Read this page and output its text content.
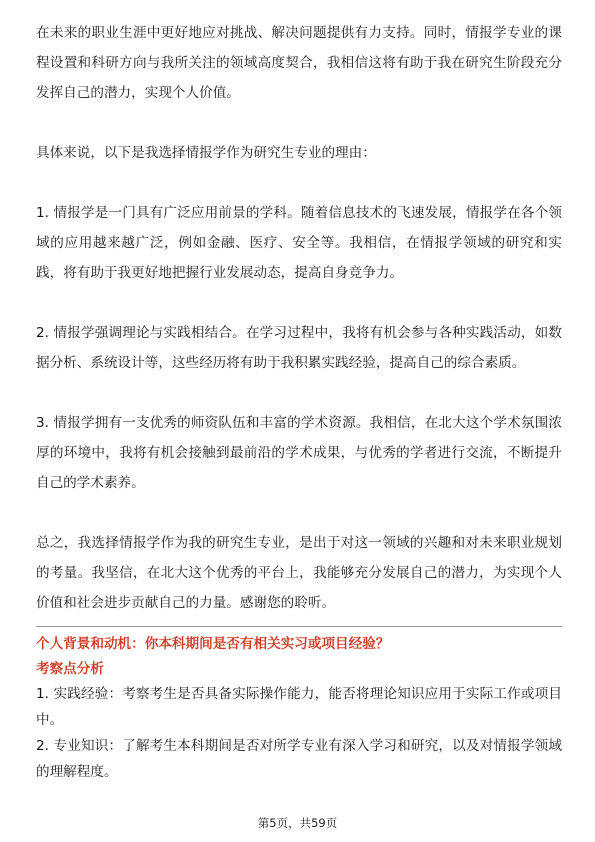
在未来的职业生涯中更好地应对挑战、解决问题提供有力支持。同时，情报学专业的课程设置和科研方向与我所关注的领域高度契合，我相信这将有助于我在研究生阶段充分发挥自己的潜力，实现个人价值。

具体来说，以下是我选择情报学作为研究生专业的理由：

1. 情报学是一门具有广泛应用前景的学科。随着信息技术的飞速发展，情报学在各个领域的应用越来越广泛，例如金融、医疗、安全等。我相信，在情报学领域的研究和实践，将有助于我更好地把握行业发展动态，提高自身竞争力。

2. 情报学强调理论与实践相结合。在学习过程中，我将有机会参与各种实践活动，如数据分析、系统设计等，这些经历将有助于我积累实践经验，提高自己的综合素质。

3. 情报学拥有一支优秀的师资队伍和丰富的学术资源。我相信，在北大这个学术氛围浓厚的环境中，我将有机会接触到最前沿的学术成果，与优秀的学者进行交流，不断提升自己的学术素养。

总之，我选择情报学作为我的研究生专业，是出于对这一领域的兴趣和对未来职业规划的考量。我坚信，在北大这个优秀的平台上，我能够充分发展自己的潜力，为实现个人价值和社会进步贡献自己的力量。感谢您的聆听。

个人背景和动机：你本科期间是否有相关实习或项目经验？

考察点分析

1. 实践经验：考察考生是否具备实际操作能力，能否将理论知识应用于实际工作或项目中。

2. 专业知识：了解考生本科期间是否对所学专业有深入学习和研究，以及对情报学领域的理解程度。

第5页，共59页
